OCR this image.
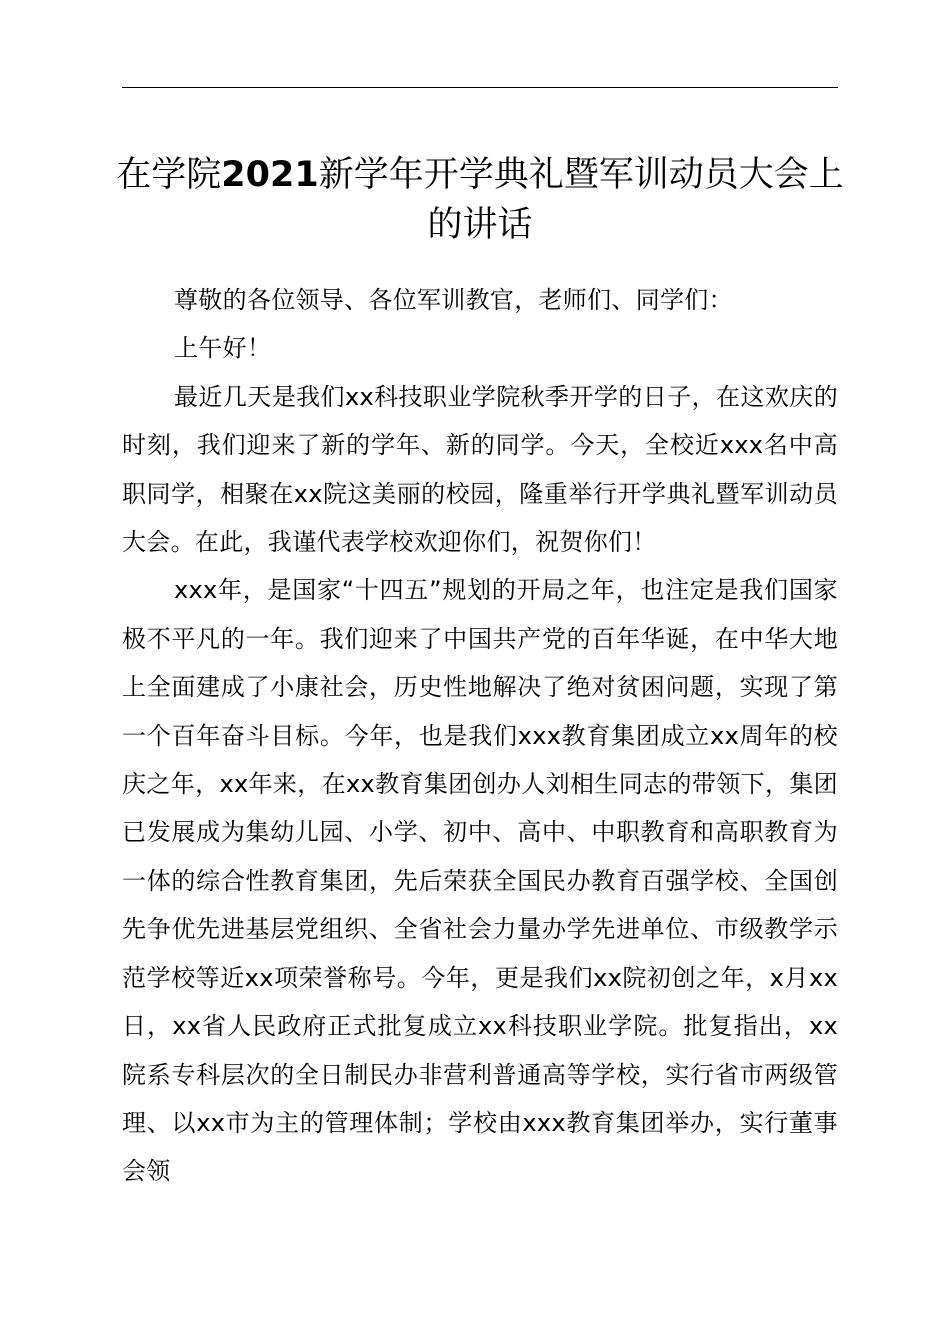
在学院2021新学年开学典礼暨军训动员大会上的讲话

尊敬的各位领导、各位军训教官，老师们、同学们：

上午好！

最近几天是我们xx科技职业学院秋季开学的日子，在这欢庆的时刻，我们迎来了新的学年、新的同学。今天，全校近xxx名中高职同学，相聚在xx院这美丽的校园，隆重举行开学典礼暨军训动员大会。在此，我谨代表学校欢迎你们，祝贺你们！

xxx年，是国家“十四五”规划的开局之年，也注定是我们国家极不平凡的一年。我们迎来了中国共产党的百年华诞，在中华大地上全面建成了小康社会，历史性地解决了绝对贫困问题，实现了第一个百年奋斗目标。今年，也是我们xxx教育集团成立xx周年的校庆之年，xx年来，在xx教育集团创办人刘相生同志的带领下，集团已发展成为集幼儿园、小学、初中、高中、中职教育和高职教育为一体的综合性教育集团，先后荣获全国民办教育百强学校、全国创先争优先进基层党组织、全省社会力量办学先进单位、市级教学示范学校等近xx项荣誉称号。今年，更是我们xx院初创之年，x月xx日，xx省人民政府正式批复成立xx科技职业学院。批复指出，xx院系专科层次的全日制民办非营利普通高等学校，实行省市两级管理、以xx市为主的管理体制；学校由xxx教育集团举办，实行董事会领
